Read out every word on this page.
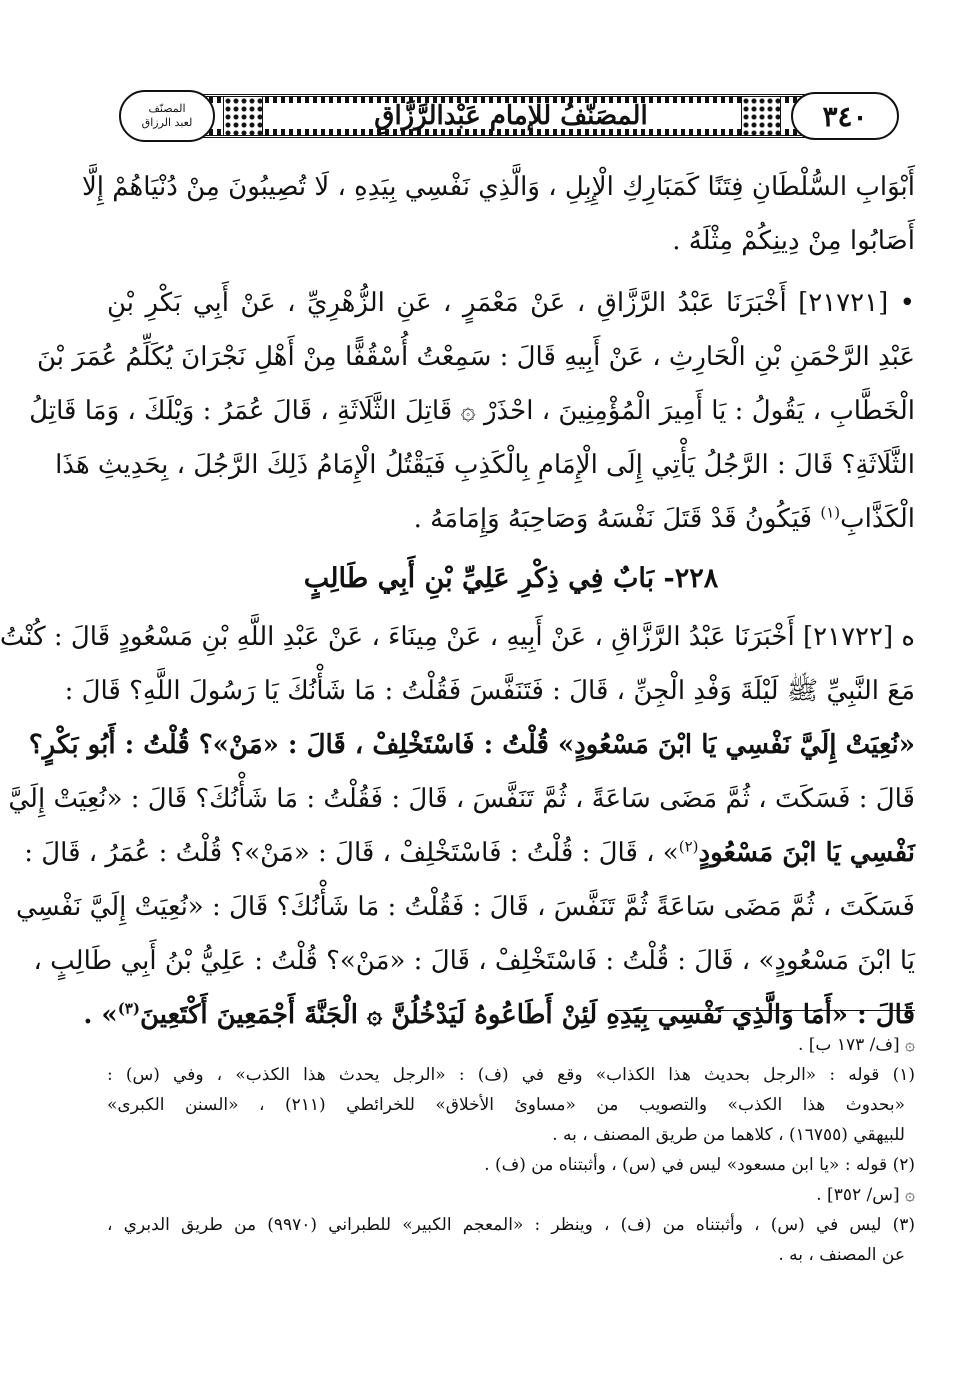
المصَنّفُ للإمام عَبْدالرَّزَّاقِ	٣٤٠
المصنّف
لعبد الرزاق
أَبْوَابِ السُّلْطَانِ فِتَنًا كَمَبَارِكِ الْإِبِلِ ، وَالَّذِي نَفْسِي بِيَدِهِ ، لَا تُصِيبُونَ مِنْ دُنْيَاهُمْ إِلَّا
أَصَابُوا مِنْ دِينِكُمْ مِثْلَهُ .
• [٢١٧٢١] أَخْبَرَنَا عَبْدُ الرَّزَّاقِ ، عَنْ مَعْمَرٍ ، عَنِ الزُّهْرِيِّ ، عَنْ أَبِي بَكْرِ بْنِ
عَبْدِ الرَّحْمَنِ بْنِ الْحَارِثِ ، عَنْ أَبِيهِ قَالَ : سَمِعْتُ أُسْقُفًّا مِنْ أَهْلِ نَجْرَانَ يُكَلِّمُ عُمَرَ بْنَ
الْخَطَّابِ ، يَقُولُ : يَا أَمِيرَ الْمُؤْمِنِينَ ، احْذَرْ ۞ قَاتِلَ الثَّلَاثَةِ ، قَالَ عُمَرُ : وَيْلَكَ ، وَمَا قَاتِلُ
الثَّلَاثَةِ؟ قَالَ : الرَّجُلُ يَأْتِي إِلَى الْإِمَامِ بِالْكَذِبِ فَيَقْتُلُ الْإِمَامُ ذَلِكَ الرَّجُلَ ، بِحَدِيثِ هَذَا
الْكَذَّابِ$^{(١)}$ فَيَكُونُ قَدْ قَتَلَ نَفْسَهُ وَصَاحِبَهُ وَإِمَامَهُ .
٢٢٨- بَابٌ فِي ذِكْرِ عَلِيِّ بْنِ أَبِي طَالِبٍ
ه [٢١٧٢٢] أَخْبَرَنَا عَبْدُ الرَّزَّاقِ ، عَنْ أَبِيهِ ، عَنْ مِينَاءَ ، عَنْ عَبْدِ اللَّهِ بْنِ مَسْعُودٍ قَالَ : كُنْتُ
مَعَ النَّبِيِّ ﷺ لَيْلَةَ وَفْدِ الْجِنِّ ، قَالَ : فَتَنَفَّسَ فَقُلْتُ : مَا شَأْنُكَ يَا رَسُولَ اللَّهِ؟ قَالَ :
«نُعِيَتْ إِلَيَّ نَفْسِي يَا ابْنَ مَسْعُودٍ» قُلْتُ : فَاسْتَخْلِفْ ، قَالَ : «مَنْ»؟ قُلْتُ : أَبُو بَكْرٍ؟
قَالَ : فَسَكَتَ ، ثُمَّ مَضَى سَاعَةً ، ثُمَّ تَنَفَّسَ ، قَالَ : فَقُلْتُ : مَا شَأْنُكَ؟ قَالَ : «نُعِيَتْ إِلَيَّ
نَفْسِي يَا ابْنَ مَسْعُودٍ$^{(٢)}$» ، قَالَ : قُلْتُ : فَاسْتَخْلِفْ ، قَالَ : «مَنْ»؟ قُلْتُ : عُمَرُ ، قَالَ :
فَسَكَتَ ، ثُمَّ مَضَى سَاعَةً ثُمَّ تَنَفَّسَ ، قَالَ : فَقُلْتُ : مَا شَأْنُكَ؟ قَالَ : «نُعِيَتْ إِلَيَّ نَفْسِي
يَا ابْنَ مَسْعُودٍ» ، قَالَ : قُلْتُ : فَاسْتَخْلِفْ ، قَالَ : «مَنْ»؟ قُلْتُ : عَلِيُّ بْنُ أَبِي طَالِبٍ ،
قَالَ : «أَمَا وَالَّذِي نَفْسِي بِيَدِهِ لَئِنْ أَطَاعُوهُ لَيَدْخُلُنَّ ۞ الْجَنَّةَ أَجْمَعِينَ أَكْتَعِينَ$^{(٣)}$» .
۞ [ف/ ١٧٣ ب] .
(١) قوله : «الرجل بحديث هذا الكذاب» وقع في (ف) : «الرجل يحدث هذا الكذب» ، وفي (س) :
«بحدوث هذا الكذب» والتصويب من «مساوئ الأخلاق» للخرائطي (٢١١) ، «السنن الكبرى»
للبيهقي (١٦٧٥٥) ، كلاهما من طريق المصنف ، به .
(٢) قوله : «يا ابن مسعود» ليس في (س) ، وأثبتناه من (ف) .
۞ [س/ ٣٥٢] .
(٣) ليس في (س) ، وأثبتناه من (ف) ، وينظر : «المعجم الكبير» للطبراني (٩٩٧٠) من طريق الدبري ،
عن المصنف ، به .
